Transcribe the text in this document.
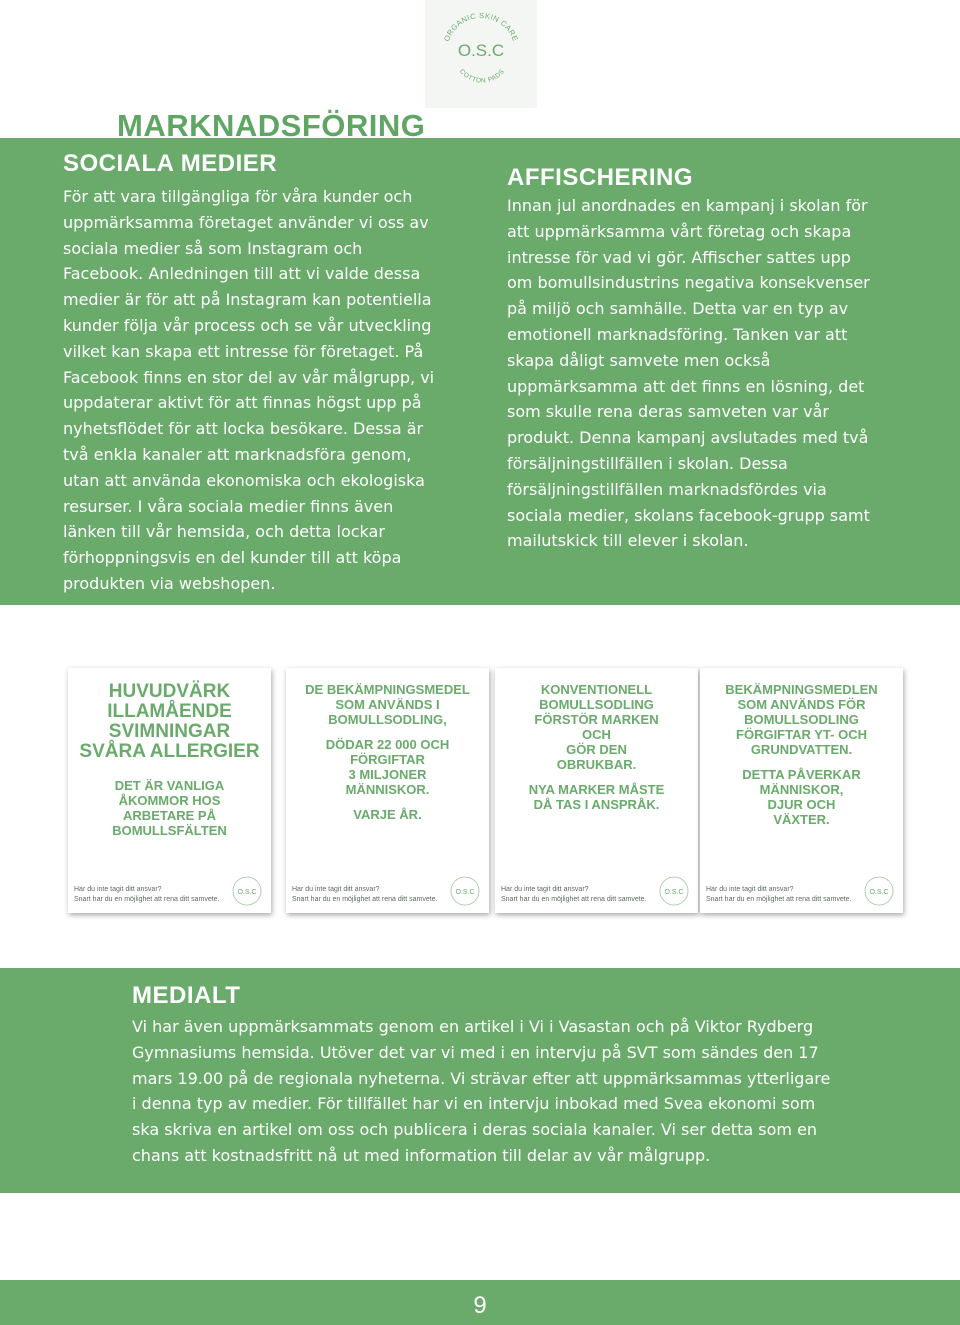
ORGANIC SKIN CARE
O.S.C
COTTON PADS
MARKNADSFÖRING
SOCIALA MEDIER

För att vara tillgängliga för våra kunder och uppmärksamma företaget använder vi oss av sociala medier så som Instagram och Facebook. Anledningen till att vi valde dessa medier är för att på Instagram kan potentiella kunder följa vår process och se vår utveckling vilket kan skapa ett intresse för företaget. På Facebook finns en stor del av vår målgrupp, vi uppdaterar aktivt för att finnas högst upp på nyhetsflödet för att locka besökare. Dessa är två enkla kanaler att marknadsföra genom, utan att använda ekonomiska och ekologiska resurser. I våra sociala medier finns även länken till vår hemsida, och detta lockar förhoppningsvis en del kunder till att köpa produkten via webshopen.

AFFISCHERING

Innan jul anordnades en kampanj i skolan för att uppmärksamma vårt företag och skapa intresse för vad vi gör. Affischer sattes upp om bomullsindustrins negativa konsekvenser på miljö och samhälle. Detta var en typ av emotionell marknadsföring. Tanken var att skapa dåligt samvete men också uppmärksamma att det finns en lösning, det som skulle rena deras samveten var vår produkt. Denna kampanj avslutades med två försäljningstillfällen i skolan. Dessa försäljningstillfällen marknadsfördes via sociala medier, skolans facebook-grupp samt mailutskick till elever i skolan.

HUVUDVÄRK
ILLAMÅENDE
SVIMNINGAR
SVÅRA ALLERGIER
DET ÄR VANLIGA
ÅKOMMOR HOS
ARBETARE PÅ
BOMULLSFÄLTEN
Har du inte tagit ditt ansvar?
Snart har du en möjlighet att rena ditt samvete.
O.S.C
DE BEKÄMPNINGSMEDEL
SOM ANVÄNDS I
BOMULLSODLING,
DÖDAR 22 000 OCH
FÖRGIFTAR
3 MILJONER
MÄNNISKOR.
VARJE ÅR.
Har du inte tagit ditt ansvar?
Snart har du en möjlighet att rena ditt samvete.
O.S.C
KONVENTIONELL
BOMULLSODLING
FÖRSTÖR MARKEN
OCH
GÖR DEN
OBRUKBAR.
NYA MARKER MÅSTE
DÅ TAS I ANSPRÅK.
Har du inte tagit ditt ansvar?
Snart har du en möjlighet att rena ditt samvete.
O.S.C
BEKÄMPNINGSMEDLEN
SOM ANVÄNDS FÖR
BOMULLSODLING
FÖRGIFTAR YT- OCH
GRUNDVATTEN.
DETTA PÅVERKAR
MÄNNISKOR,
DJUR OCH
VÄXTER.
Har du inte tagit ditt ansvar?
Snart har du en möjlighet att rena ditt samvete.
O.S.C
MEDIALT

Vi har även uppmärksammats genom en artikel i Vi i Vasastan och på Viktor Rydberg Gymnasiums hemsida. Utöver det var vi med i en intervju på SVT som sändes den 17 mars 19.00 på de regionala nyheterna. Vi strävar efter att uppmärksammas ytterligare i denna typ av medier. För tillfället har vi en intervju inbokad med Svea ekonomi som ska skriva en artikel om oss och publicera i deras sociala kanaler. Vi ser detta som en chans att kostnadsfritt nå ut med information till delar av vår målgrupp.

9
